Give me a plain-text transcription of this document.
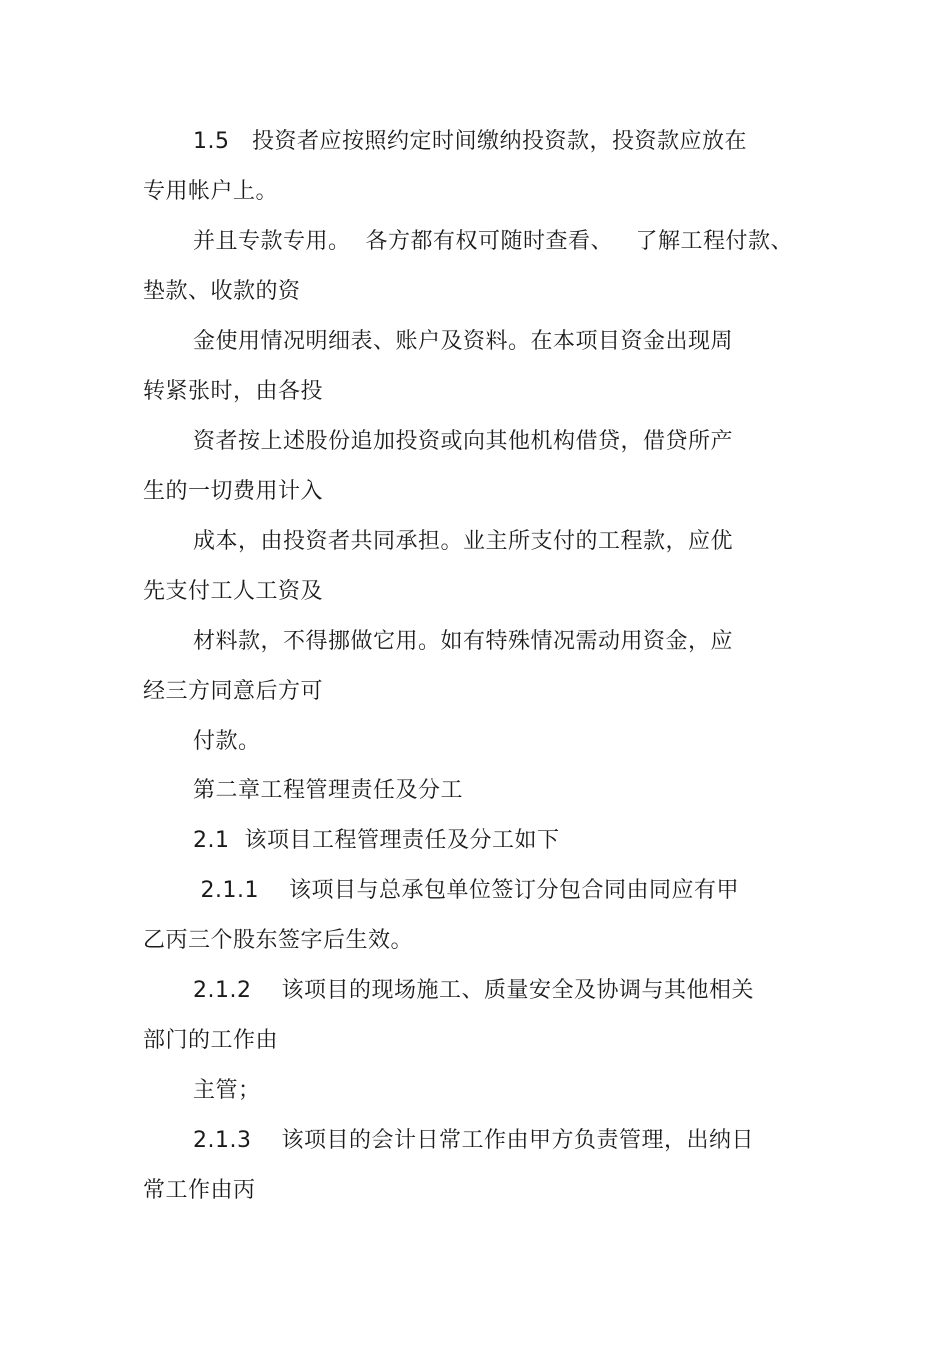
1.5   投资者应按照约定时间缴纳投资款，投资款应放在
专用帐户上。
并且专款专用。  各方都有权可随时查看、   了解工程付款、
垫款、收款的资
金使用情况明细表、账户及资料。在本项目资金出现周
转紧张时，由各投
资者按上述股份追加投资或向其他机构借贷，借贷所产
生的一切费用计入
成本，由投资者共同承担。业主所支付的工程款，应优
先支付工人工资及
材料款，不得挪做它用。如有特殊情况需动用资金，应
经三方同意后方可
付款。
第二章工程管理责任及分工
2.1  该项目工程管理责任及分工如下
2.1.1    该项目与总承包单位签订分包合同由同应有甲
乙丙三个股东签字后生效。
2.1.2    该项目的现场施工、质量安全及协调与其他相关
部门的工作由
主管；
2.1.3    该项目的会计日常工作由甲方负责管理，出纳日
常工作由丙
